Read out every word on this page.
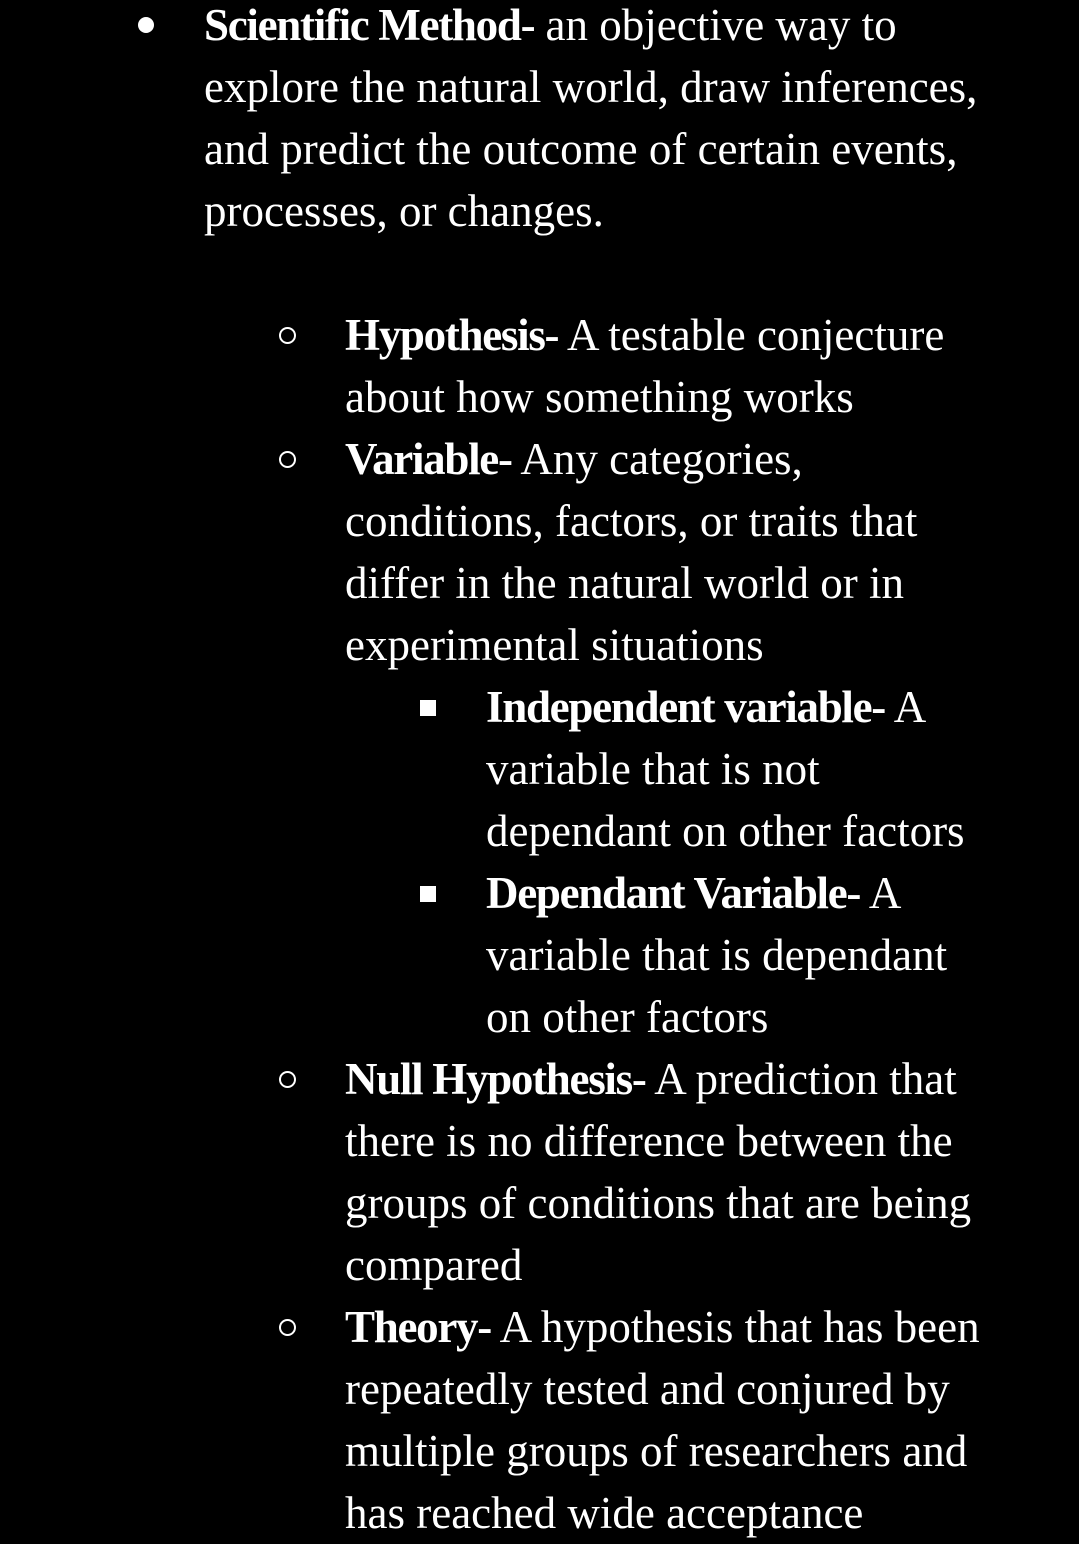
Scientific Method- an objective way to explore the natural world, draw inferences, and predict the outcome of certain events, processes, or changes.
Hypothesis- A testable conjecture about how something works
Variable- Any categories, conditions, factors, or traits that differ in the natural world or in experimental situations
Independent variable- A variable that is not dependant on other factors
Dependant Variable- A variable that is dependant on other factors
Null Hypothesis- A prediction that there is no difference between the groups of conditions that are being compared
Theory- A hypothesis that has been repeatedly tested and conjured by multiple groups of researchers and has reached wide acceptance
